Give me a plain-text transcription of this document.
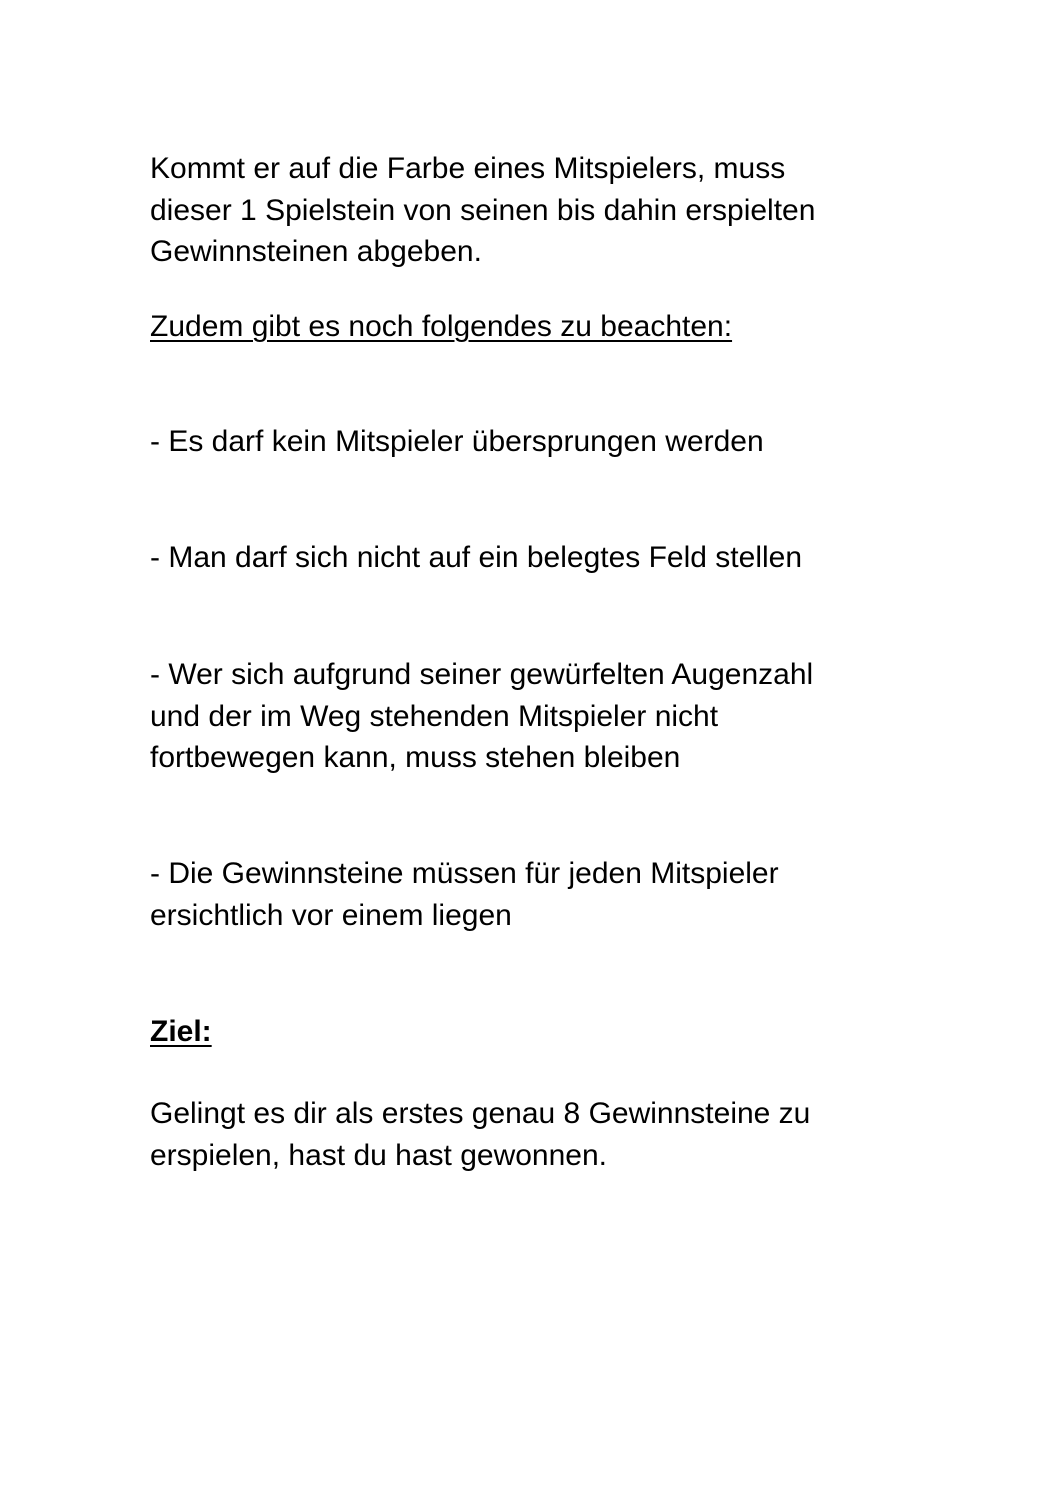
Kommt er auf die Farbe eines Mitspielers, muss
dieser 1 Spielstein von seinen bis dahin erspielten
Gewinnsteinen abgeben.

Zudem gibt es noch folgendes zu beachten:

- Es darf kein Mitspieler übersprungen werden

- Man darf sich nicht auf ein belegtes Feld stellen

- Wer sich aufgrund seiner gewürfelten Augenzahl
und der im Weg stehenden Mitspieler nicht
fortbewegen kann, muss stehen bleiben

- Die Gewinnsteine müssen für jeden Mitspieler
ersichtlich vor einem liegen

Ziel:

Gelingt es dir als erstes genau 8 Gewinnsteine zu
erspielen, hast du hast gewonnen.
